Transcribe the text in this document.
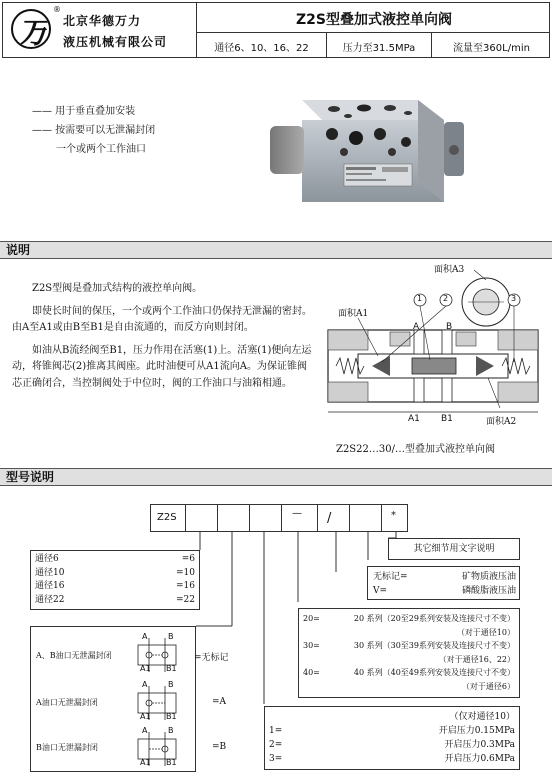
万
®
北京华德万力
液压机械有限公司
Z2S型叠加式液控单向阀
通径6、10、16、22	压力至31.5MPa	流量至360L/min
—— 用于垂直叠加安装
—— 按需要可以无泄漏封闭
一个或两个工作油口
说明

Z2S型阀是叠加式结构的液控单向阀。

即使长时间的保压，一个或两个工作油口仍保持无泄漏的密封。由A至A1或由B至B1是自由流通的，而反方向则封闭。

如油从B流经阀至B1，压力作用在活塞(1)上。活塞(1)便向左运动，将锥阀芯(2)推离其阀座。此时油便可从A1流向A。为保证锥阀芯正确闭合，当控制阀处于中位时，阀的工作油口与油箱相通。

面积A3
面积A1
1	2	3
A	B
A1 B1	面积A2
Z2S22…30/…型叠加式液控单向阀
型号说明
Z2S	— /	*
其它细节用文字说明
无标记=	矿物质液压油
V=	磷酸脂液压油
通径6	=6
通径10	=10
通径16	=16
通径22	=22
20=	20 系列（20至29系列安装及连接尺寸不变）
（对于通径10）
30=	30 系列（30至39系列安装及连接尺寸不变）
（对于通径16、22）
40=	40 系列（40至49系列安装及连接尺寸不变）
（对于通径6）
（仅对通径10）
1=	开启压力0.15MPa
2=	开启压力0.3MPa
3=	开启压力0.6MPa
A、B油口无泄漏封闭	=无标记
A油口无泄漏封闭	=A
B油口无泄漏封闭	=B
A	B
A1 B1
A	B
A1 B1
A	B
A1 B1
